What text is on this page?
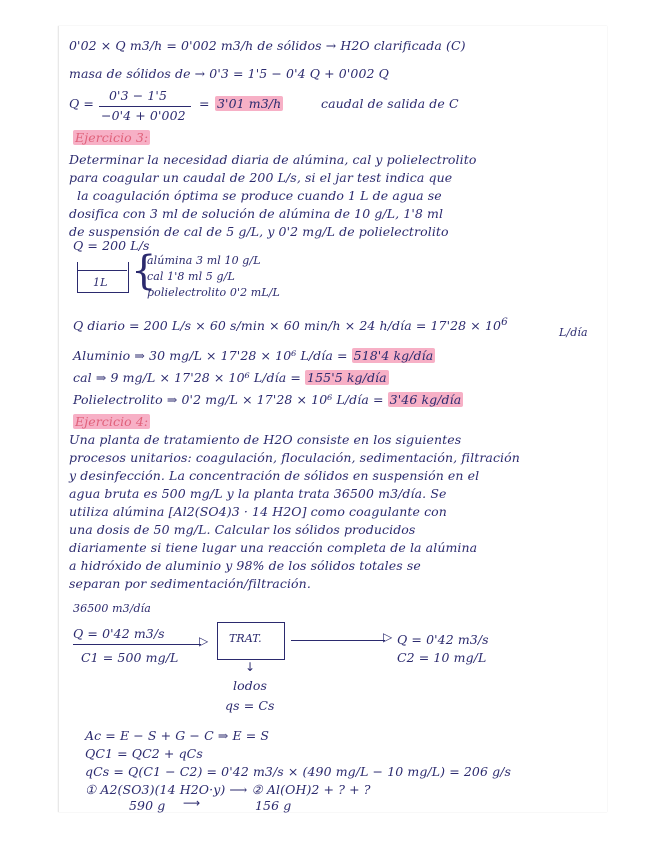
0'02 × Q m3/h = 0'002 m3/h de sólidos → H2O clarificada (C)
masa de sólidos de → 0'3 = 1'5 − 0'4 Q + 0'002 Q
Q =
0'3 − 1'5
−0'4 + 0'002
= 3'01 m3/h	caudal de salida de C
Ejercicio 3:
Determinar la necesidad diaria de alúmina, cal y polielectrolito
para coagular un caudal de 200 L/s, si el jar test indica que
la coagulación óptima se produce cuando 1 L de agua se
dosifica con 3 ml de solución de alúmina de 10 g/L, 1'8 ml
de suspensión de cal de 5 g/L, y 0'2 mg/L de polielectrolito
Q = 200 L/s
1L {
alúmina 3 ml 10 g/L
cal 1'8 ml 5 g/L
polielectrolito 0'2 mL/L
Q diario = 200 L/s × 60 s/min × 60 min/h × 24 h/día = $17'28 \times 10^6$
L/día
Alumin​io ⇒ 30 mg/L × 17'28 × 10⁶ L/día = 518'4 kg/día
cal ⇒ 9 mg/L × 17'28 × 10⁶ L/día = 155'5 kg/día
Polielectrolito ⇒ 0'2 mg/L × 17'28 × 10⁶ L/día = 3'46 kg/día
Ejercicio 4:
Una planta de tratamiento de H2O consiste en los siguientes
procesos unitarios: coagulación, floculación, sedimentación, filtración
y desinfección. La concentración de sólidos en suspensión en el
agua bruta es 500 mg/L y la planta trata 36500 m3/día. Se
utiliza alúmina [Al2(SO4)3 · 14 H2O] como coagulante con
una dosis de 50 mg/L. Calcular los sólidos producidos
diariamente si tiene lugar una reacción completa de la alúmina
a hidróxido de aluminio y 98% de los sólidos totales se
separan por sedimentación/filtración.
36500 m3/día
Q = 0'42 m3/s	▷
C1 = 500 mg/L
TRAT.	▷ Q = 0'42 m3/s
C2 = 10 mg/L
↓
lodos
qs = Cs
Ac = E − S + G − C ⇒ E = S
QC1 = QC2 + qCs
qCs = Q(C1 − C2) = 0'42 m3/s × (490 mg/L − 10 mg/L) = 206 g/s
① A2(SO3)(14 H2O·y) ⟶ ② Al(OH)2 + ? + ?
590 g ⟶	156 g
